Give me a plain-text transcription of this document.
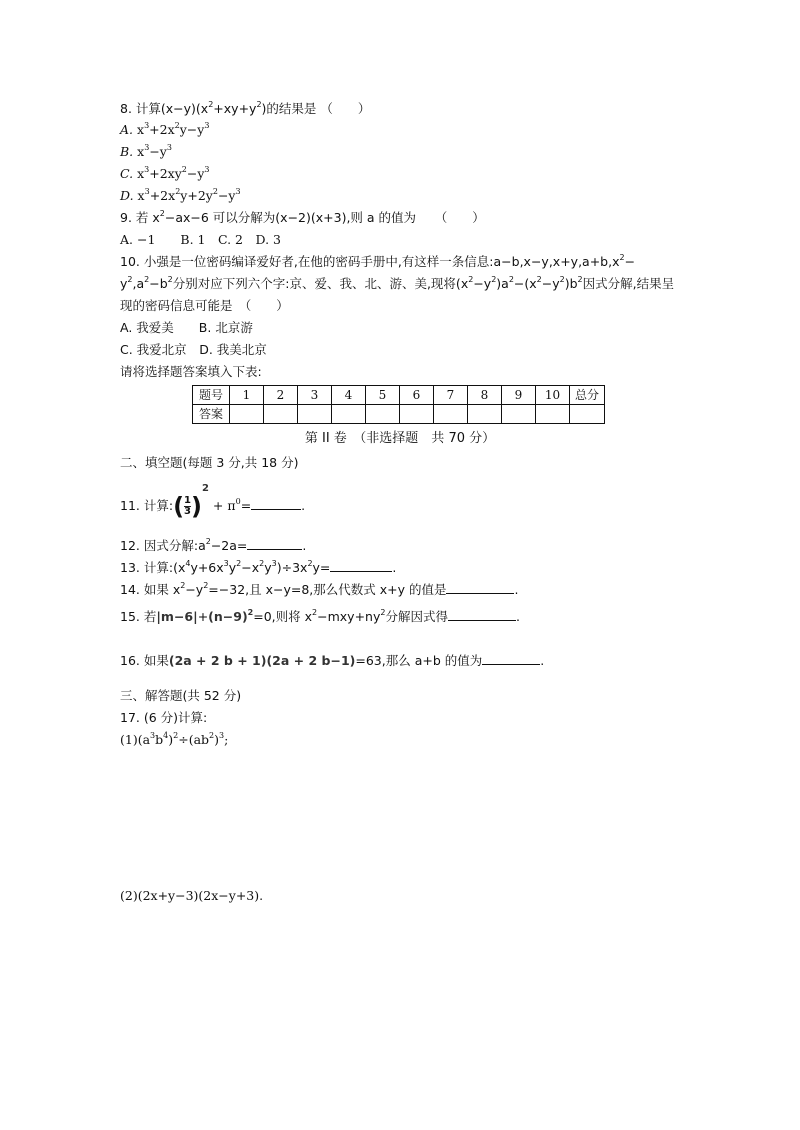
8. 计算$(x-y)(x^2+xy+y^2)$的结果是 （　　）
A. $x^3+2x^2y-y^3$
B. $x^3-y^3$
C. $x^3+2xy^2-y^3$
D. $x^3+2x^2y+2y^2-y^3$
9. 若 $x^2-ax-6$ 可以分解为(x−2)(x+3),则 a 的值为　　（　　）
A. −1　　B. 1　C. 2　D. 3
10. 小强是一位密码编译爱好者,在他的密码手册中,有这样一条信息$:a-b,x-y,x+y,a+b,x^2-$
$y^2,a^2-b^2$分别对应下列六个字:京、爱、我、北、游、美,现将$(x^2-y^2)a^2-(x^2-y^2)b^2$因式分解,结果呈
现的密码信息可能是　（　　）
A. 我爱美　　 B. 北京游
C. 我爱北京　 D. 我美北京
请将选择题答案填入下表:
题号	1	2	3	4	5	6	7	8	9	10	总分
答案											
第 II 卷　（非选择题　共 70 分）
二、填空题(每题 3 分,共 18 分)
11. 计算:( $\frac{1}{3} )^2 + \pi^0=$	.
12. 因式分解$:a^2-2a=$	.
13. 计算$:(x^4y+6x^3y^2-x^2y^3)\div 3x^2y=$	.
14. 如果 $x^2-y^2=-32$,且 x−y=8,那么代数式 x+y 的值是	.
15. 若$|m-6|+(n-9)^2=0$,则将 $x^2-mxy+ny^2$分解因式得	.
16. 如果(2a + 2 b + 1)(2a + 2 b−1)=63,那么 a+b 的值为	.
三、解答题(共 52 分)
17. (6 分)计算:
$(1)(a^3b^4)^2\div(ab^2)^3$;
(2)(2x+y−3)(2x−y+3).
